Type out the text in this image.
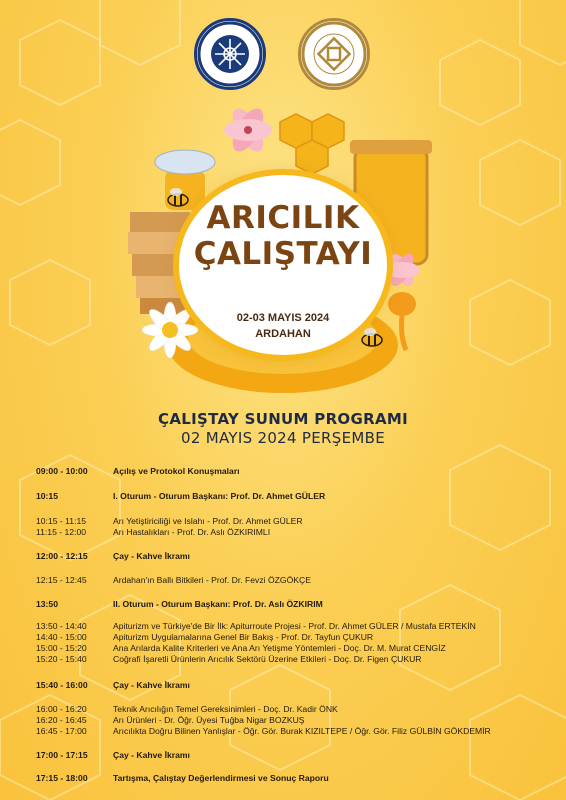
ARICILIK
ÇALIŞTAYI
02-03 MAYIS 2024
ARDAHAN
ÇALIŞTAY SUNUM PROGRAMI
02 MAYIS 2024 PERŞEMBE
09:00 - 10:00	Açılış ve Protokol Konuşmaları
10:15	I. Oturum - Oturum Başkanı: Prof. Dr. Ahmet GÜLER
10:15 - 11:15	Arı Yetiştiriciliği ve Islahı - Prof. Dr. Ahmet GÜLER
11:15 - 12:00	Arı Hastalıkları - Prof. Dr. Aslı ÖZKIRIMLI
12:00 - 12:15	Çay - Kahve İkramı
12:15 - 12:45	Ardahan'ın Ballı Bitkileri - Prof. Dr. Fevzi ÖZGÖKÇE
13:50	II. Oturum - Oturum Başkanı: Prof. Dr. Aslı ÖZKIRIM
13:50 - 14:40	Apiturizm ve Türkiye'de Bir İlk: Apiturroute Projesi - Prof. Dr. Ahmet GÜLER / Mustafa ERTEKİN
14:40 - 15:00	Apiturizm Uygulamalarına Genel Bir Bakış - Prof. Dr. Tayfun ÇUKUR
15:00 - 15:20	Ana Arılarda Kalite Kriterleri ve Ana Arı Yetişme Yöntemleri - Doç. Dr. M. Murat CENGİZ
15:20 - 15:40	Coğrafi İşaretli Ürünlerin Arıcılık Sektörü Üzerine Etkileri - Doç. Dr. Figen ÇUKUR
15:40 - 16:00	Çay - Kahve İkramı
16:00 - 16:20	Teknik Arıcılığın Temel Gereksinimleri - Doç. Dr. Kadir ÖNK
16:20 - 16:45	Arı Ürünleri - Dr. Öğr. Üyesi Tuğba Nigar BOZKUŞ
16:45 - 17:00	Arıcılıkta Doğru Bilinen Yanlışlar - Öğr. Gör. Burak KIZILTEPE / Öğr. Gör. Filiz GÜLBİN GÖKDEMİR
17:00 - 17:15	Çay - Kahve İkramı
17:15 - 18:00	Tartışma, Çalıştay Değerlendirmesi ve Sonuç Raporu
